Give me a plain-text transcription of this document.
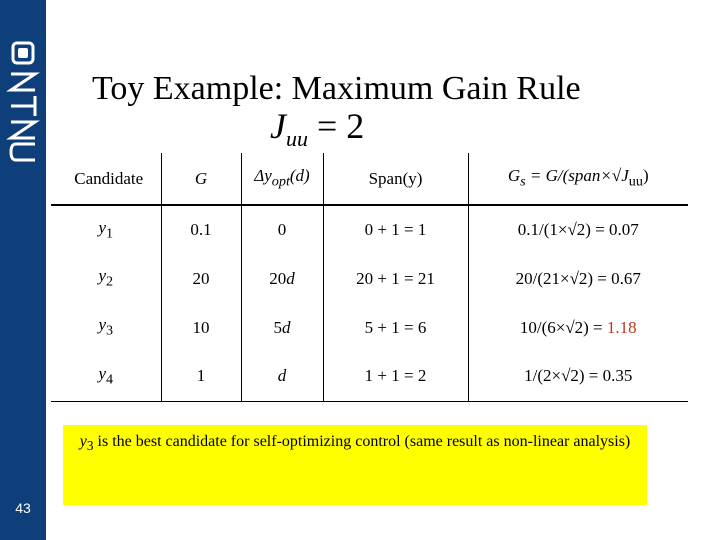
43
Toy Example: Maximum Gain Rule
$J_{uu} = 2$
Candidate	G	$\Delta y_{opt}(d)$	Span(y)	$G_s$ = $G/(span\times√J_{uu})$
$y_1$	0.1	0	0 + 1 = 1	0.1/(1×√2) = 0.07
$y_2$	20	20d	20 + 1 = 21	20/(21×√2) = 0.67
$y_3$	10	5d	5 + 1 = 6	10/(6×√2) = 1.18
$y_4$	1	d	1 + 1 = 2	1/(2×√2) = 0.35
$y_3$ is the best candidate for self-optimizing control (same result as non-linear analysis)
